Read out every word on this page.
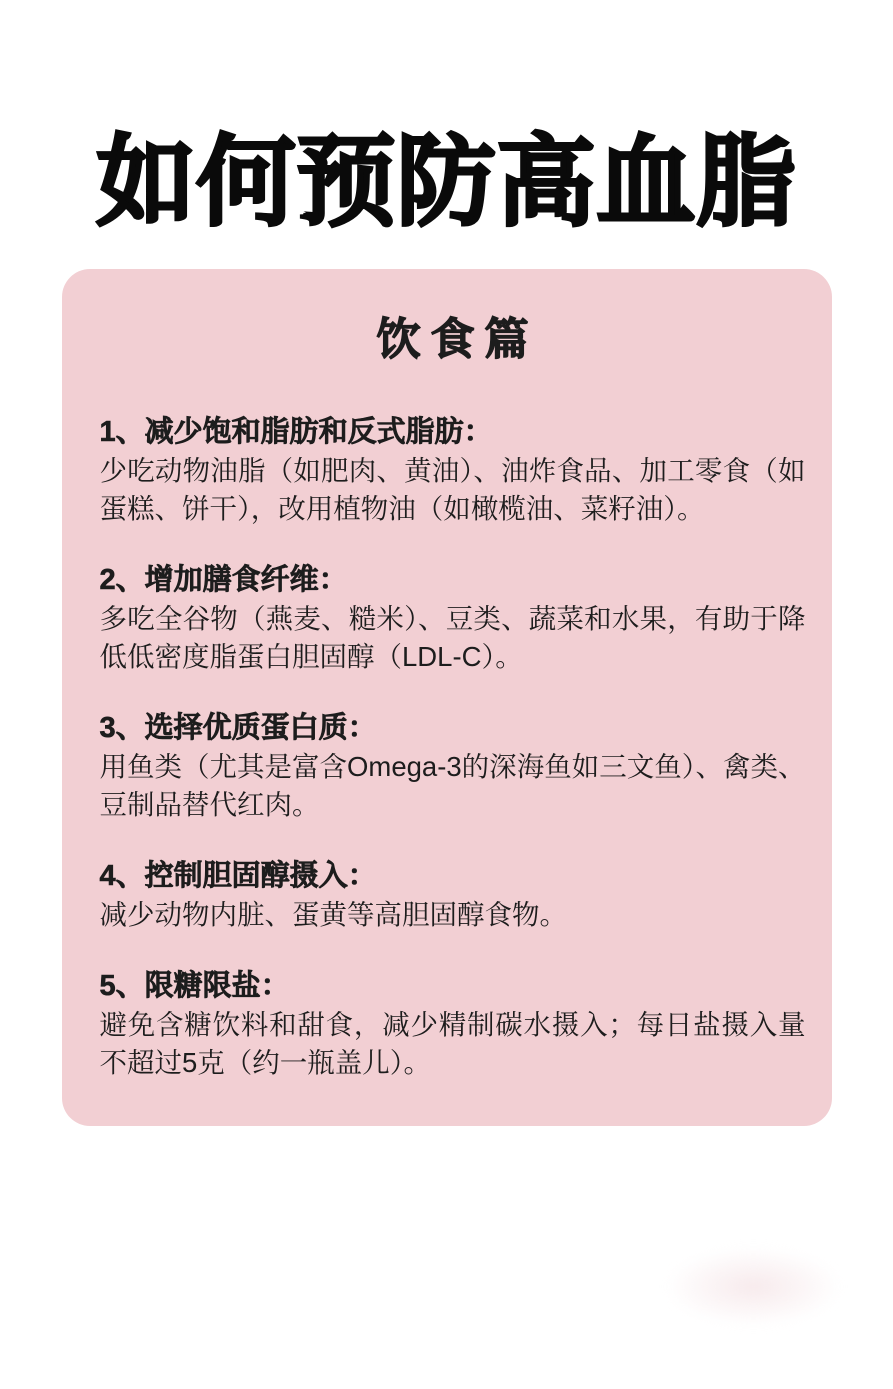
如何预防高血脂
饮食篇
1、减少饱和脂肪和反式脂肪：
少吃动物油脂（如肥肉、黄油）、油炸食品、加工零食（如蛋糕、饼干），改用植物油（如橄榄油、菜籽油）。
2、增加膳食纤维：
多吃全谷物（燕麦、糙米）、豆类、蔬菜和水果，有助于降低低密度脂蛋白胆固醇（LDL-C）。
3、选择优质蛋白质：
用鱼类（尤其是富含Omega-3的深海鱼如三文鱼）、禽类、豆制品替代红肉。
4、控制胆固醇摄入：
减少动物内脏、蛋黄等高胆固醇食物。
5、限糖限盐：
避免含糖饮料和甜食，减少精制碳水摄入；每日盐摄入量不超过5克（约一瓶盖儿）。
